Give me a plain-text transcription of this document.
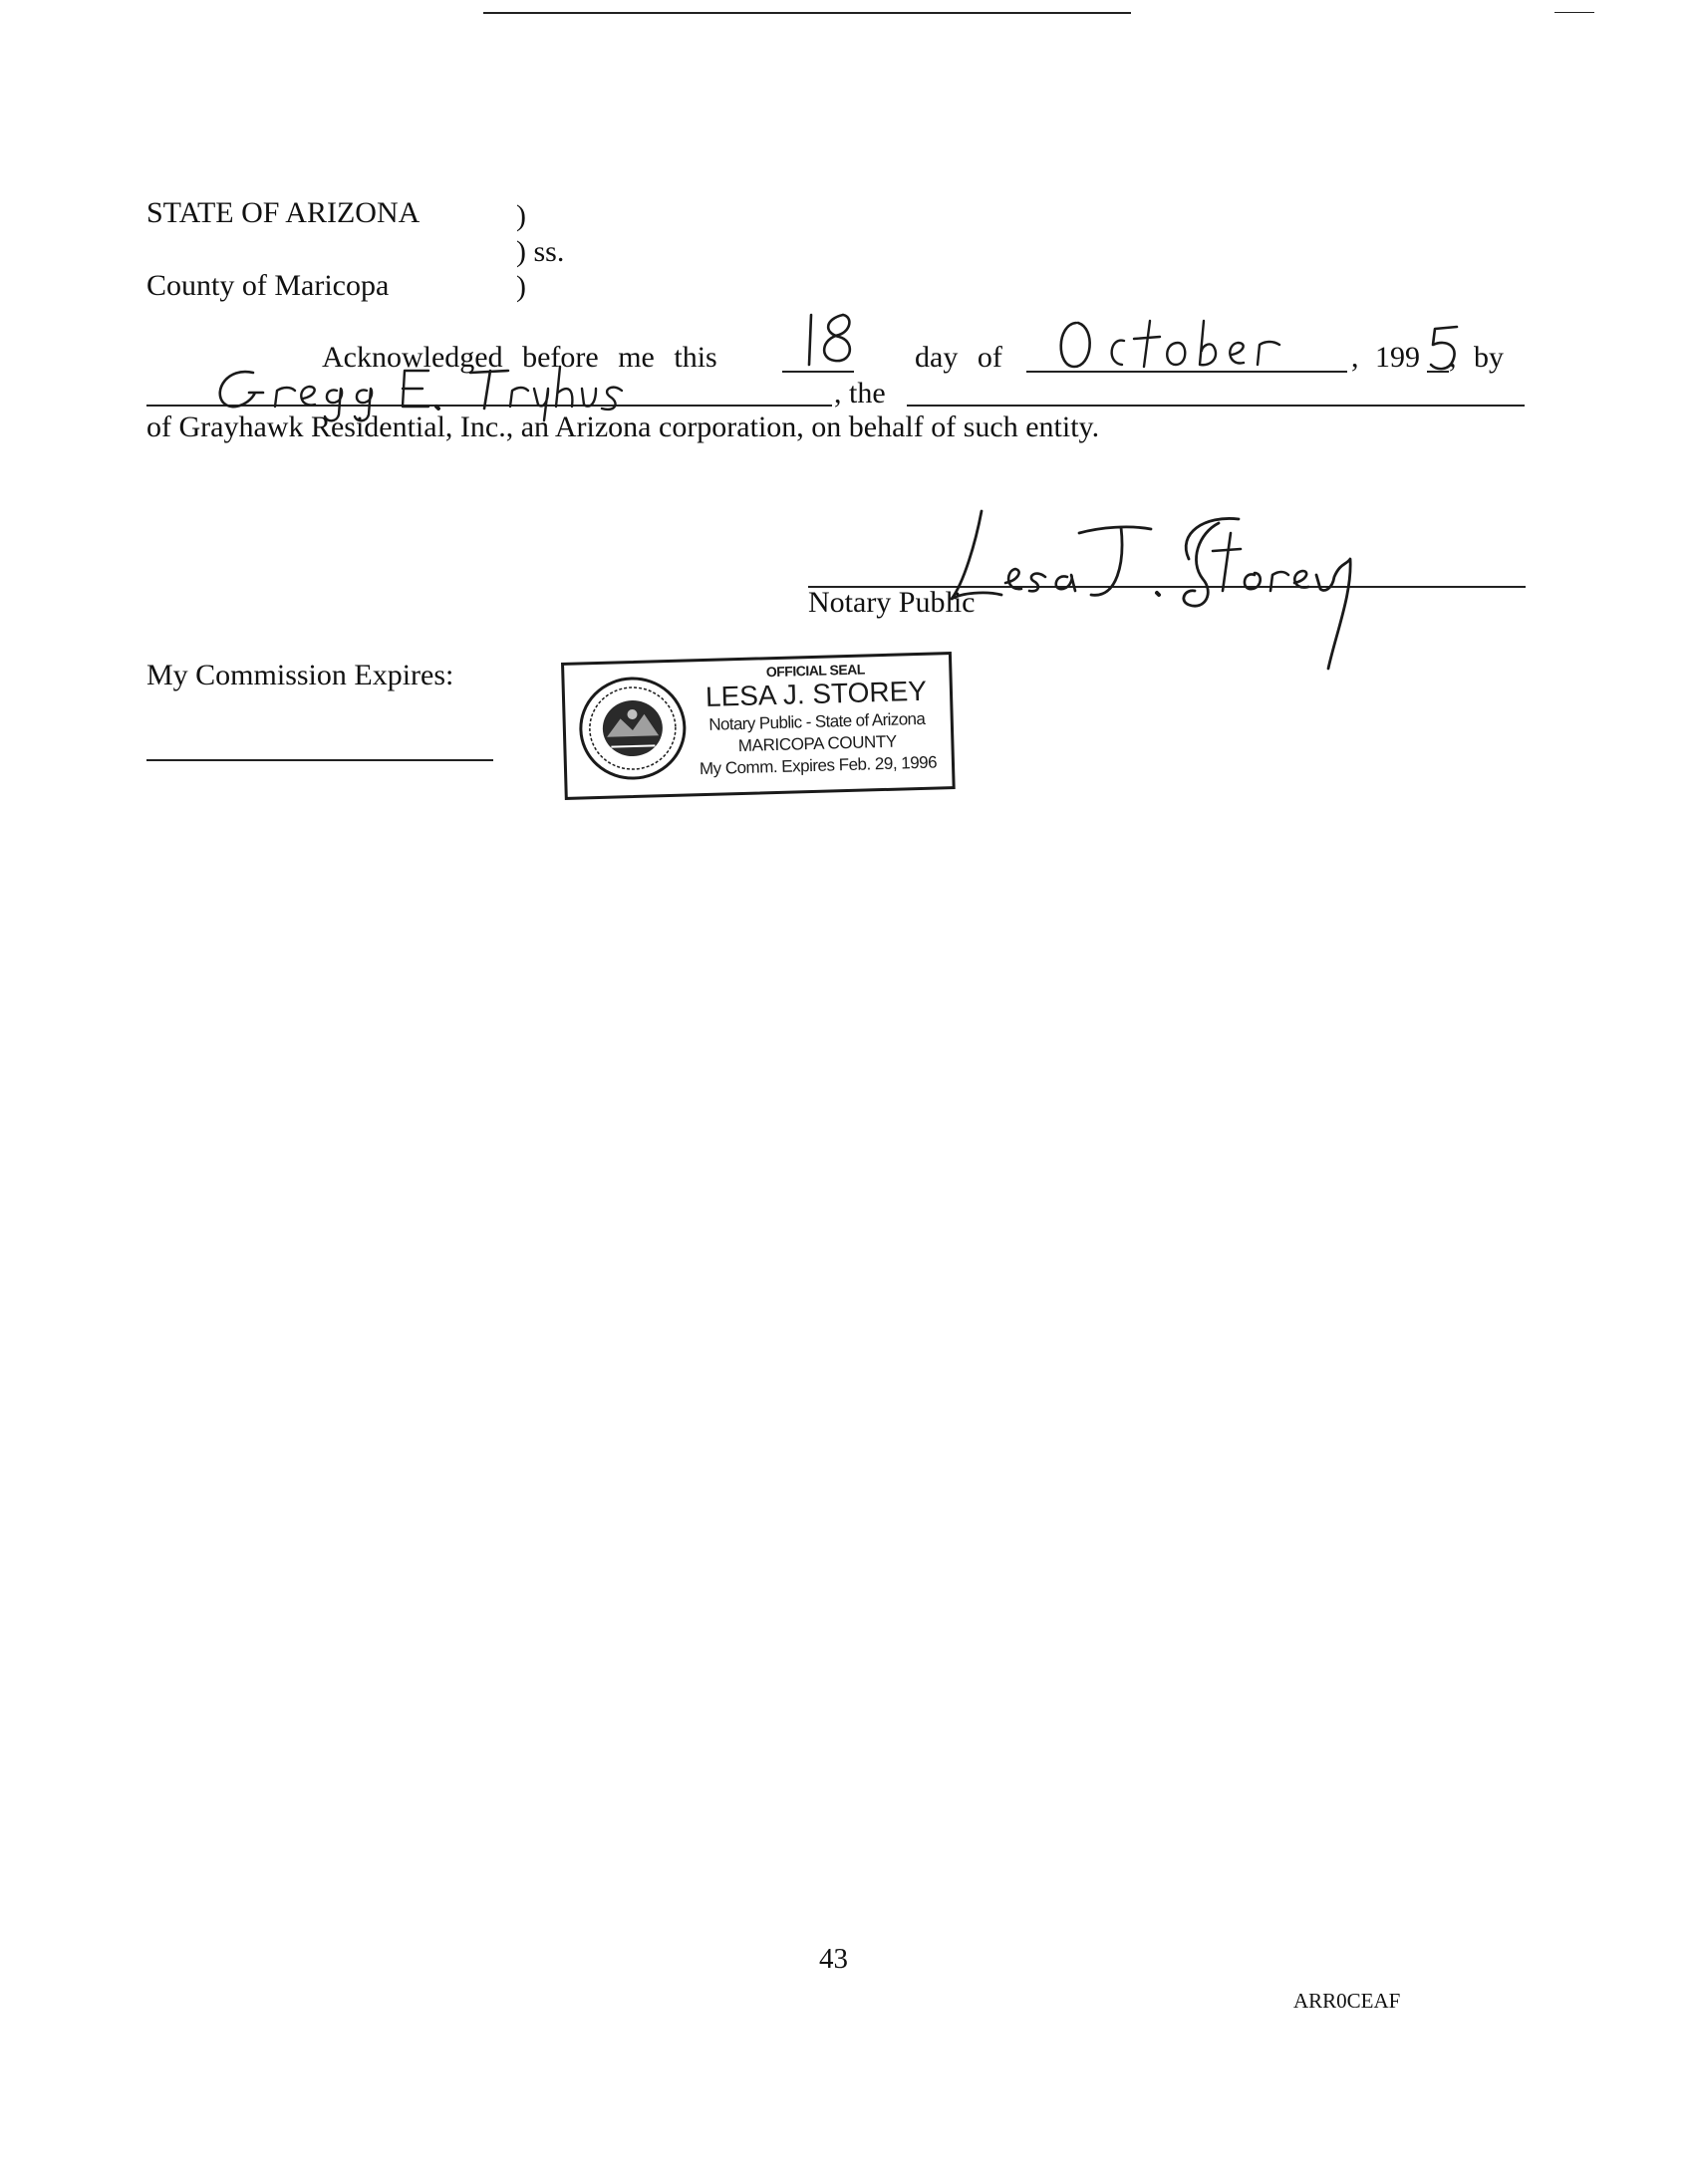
STATE OF ARIZONA
County of Maricopa
)
) ss.
)
Acknowledged before me this	day of	, 199 , by
, the
of Grayhawk Residential, Inc., an Arizona corporation, on behalf of such entity.
Notary Public
My Commission Expires:	OFFICIAL SEAL
LESA J. STOREY
Notary Public - State of Arizona
MARICOPA COUNTY
My Comm. Expires Feb. 29, 1996
43
ARR0CEAF
